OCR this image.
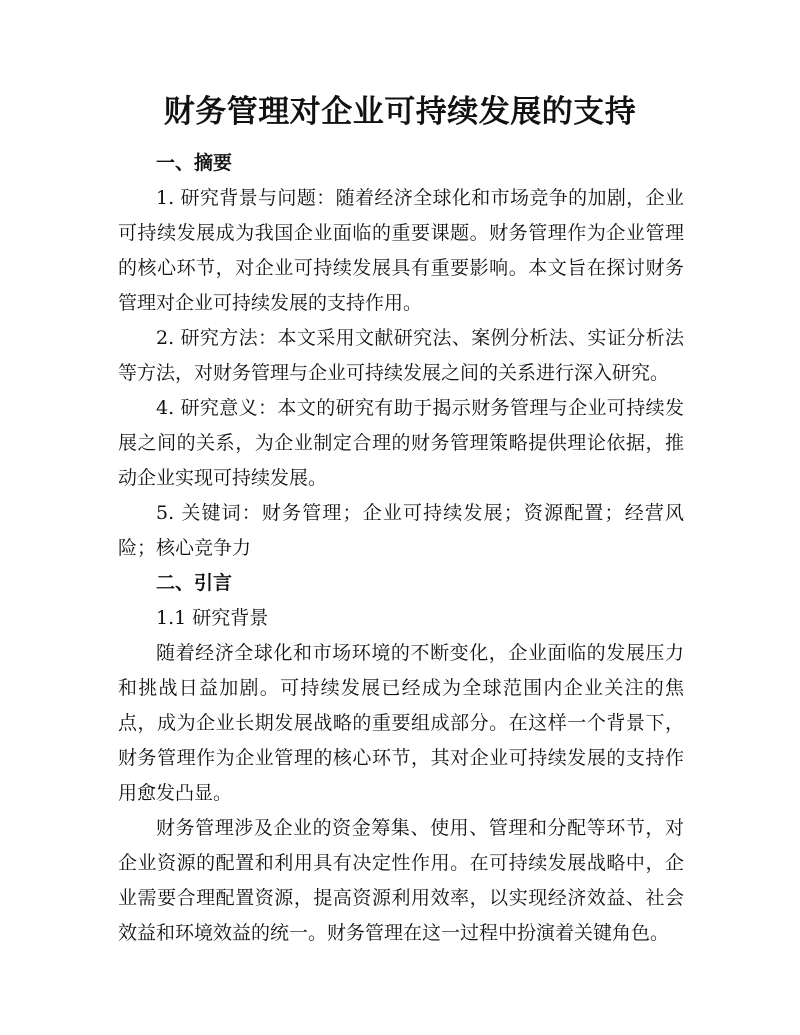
财务管理对企业可持续发展的支持

一、摘要

1. 研究背景与问题：随着经济全球化和市场竞争的加剧，企业可持续发展成为我国企业面临的重要课题。财务管理作为企业管理的核心环节，对企业可持续发展具有重要影响。本文旨在探讨财务管理对企业可持续发展的支持作用。

2. 研究方法：本文采用文献研究法、案例分析法、实证分析法等方法，对财务管理与企业可持续发展之间的关系进行深入研究。

4. 研究意义：本文的研究有助于揭示财务管理与企业可持续发展之间的关系，为企业制定合理的财务管理策略提供理论依据，推动企业实现可持续发展。

5. 关键词：财务管理；企业可持续发展；资源配置；经营风险；核心竞争力

二、引言

1.1 研究背景

随着经济全球化和市场环境的不断变化，企业面临的发展压力和挑战日益加剧。可持续发展已经成为全球范围内企业关注的焦点，成为企业长期发展战略的重要组成部分。在这样一个背景下，财务管理作为企业管理的核心环节，其对企业可持续发展的支持作用愈发凸显。

财务管理涉及企业的资金筹集、使用、管理和分配等环节，对企业资源的配置和利用具有决定性作用。在可持续发展战略中，企业需要合理配置资源，提高资源利用效率，以实现经济效益、社会效益和环境效益的统一。财务管理在这一过程中扮演着关键角色。
